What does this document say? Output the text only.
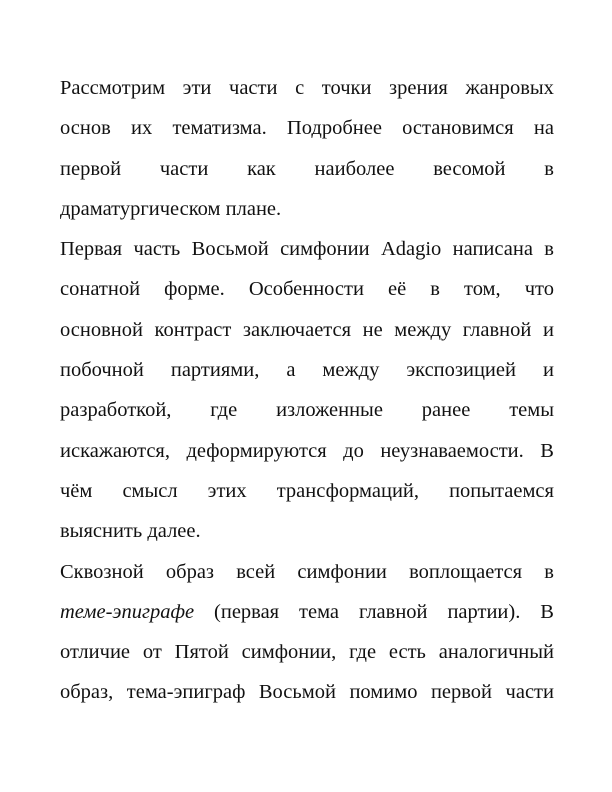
Рассмотрим эти части с точки зрения жанровых
основ их тематизма. Подробнее остановимся на
первой части как наиболее весомой в
драматургическом плане.
Первая часть Восьмой симфонии Adagio написана в
сонатной форме. Особенности её в том, что
основной контраст заключается не между главной и
побочной партиями, а между экспозицией и
разработкой, где изложенные ранее темы
искажаются, деформируются до неузнаваемости. В
чём смысл этих трансформаций, попытаемся
выяснить далее.
Сквозной образ всей симфонии воплощается в
теме-эпиграфе (первая тема главной партии). В
отличие от Пятой симфонии, где есть аналогичный
образ, тема-эпиграф Восьмой помимо первой части
